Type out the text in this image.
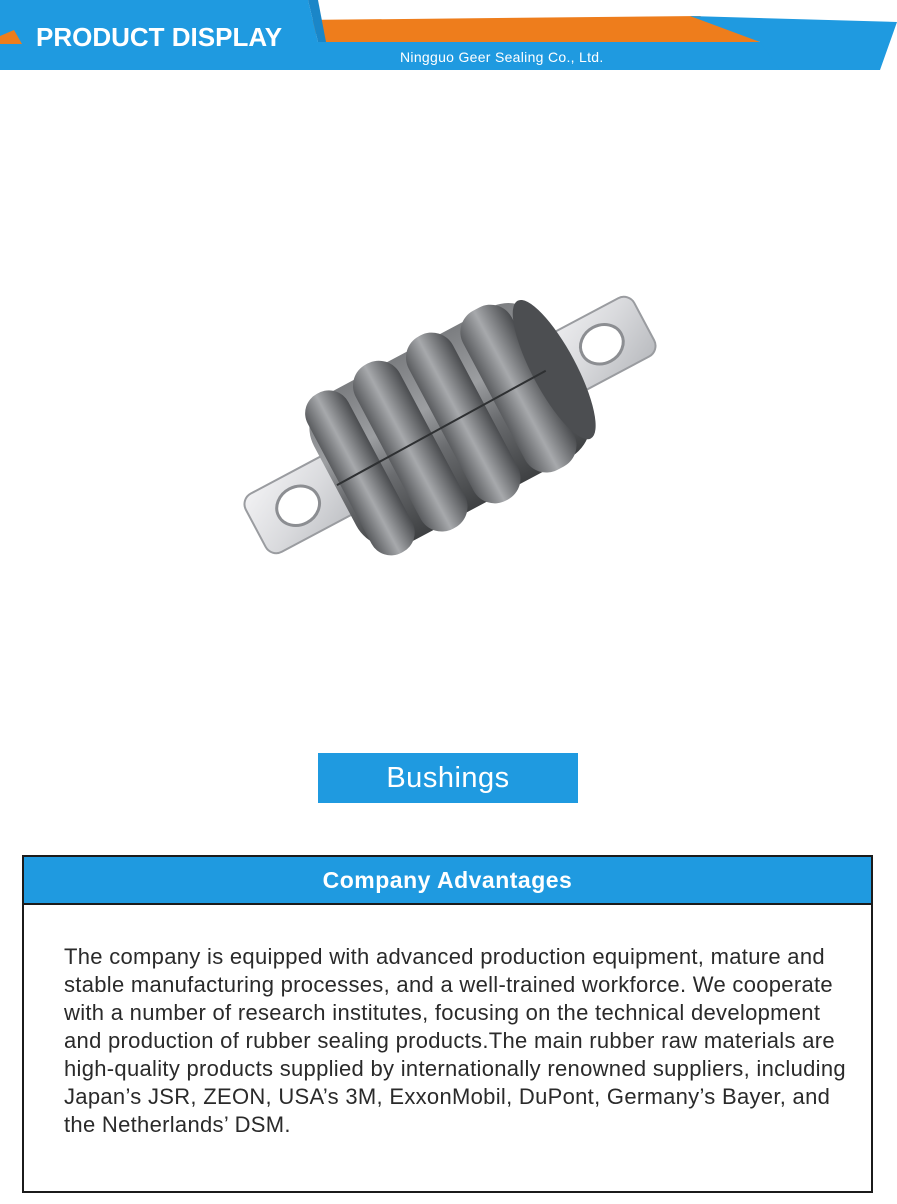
PRODUCT DISPLAY
Ningguo Geer Sealing Co., Ltd.
Bushings
Company Advantages

The company is equipped with advanced production equipment, mature and stable manufacturing processes, and a well-trained workforce. We cooperate with a number of research institutes, focusing on the technical development and production of rubber sealing products.The main rubber raw materials are high-quality products supplied by internationally renowned suppliers, including Japan’s JSR, ZEON, USA’s 3M, ExxonMobil, DuPont, Germany’s Bayer, and the Netherlands’ DSM.
